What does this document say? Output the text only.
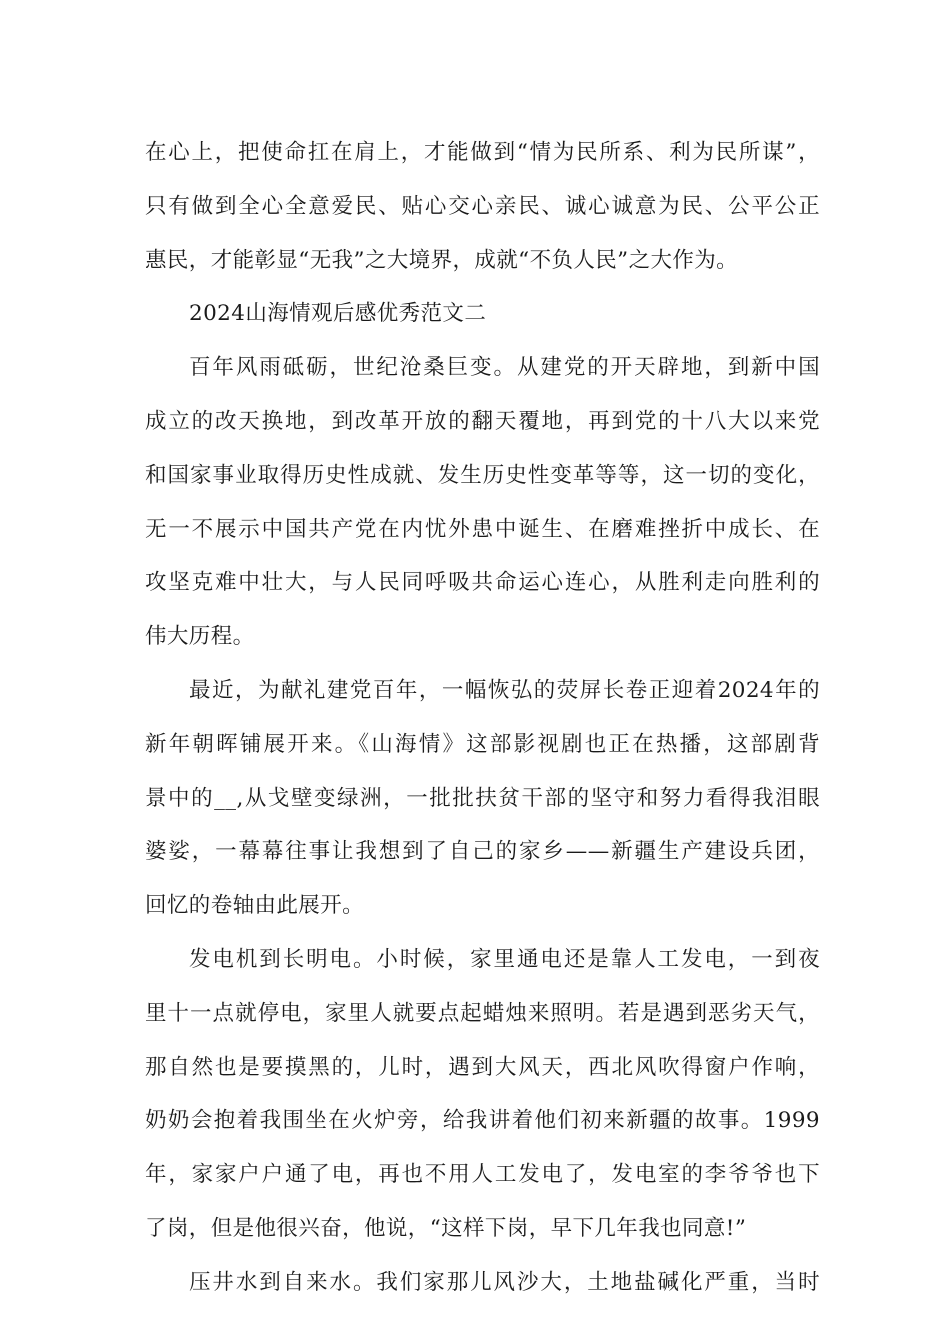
在心上，把使命扛在肩上，才能做到“情为民所系、利为民所谋”，
只有做到全心全意爱民、贴心交心亲民、诚心诚意为民、公平公正
惠民，才能彰显“无我”之大境界，成就“不负人民”之大作为。
2024山海情观后感优秀范文二
百年风雨砥砺，世纪沧桑巨变。从建党的开天辟地，到新中国
成立的改天换地，到改革开放的翻天覆地，再到党的十八大以来党
和国家事业取得历史性成就、发生历史性变革等等，这一切的变化，
无一不展示中国共产党在内忧外患中诞生、在磨难挫折中成长、在
攻坚克难中壮大，与人民同呼吸共命运心连心，从胜利走向胜利的
伟大历程。
最近，为献礼建党百年，一幅恢弘的荧屏长卷正迎着2024年的
新年朝晖铺展开来。《山海情》这部影视剧也正在热播，这部剧背
景中的__,从戈壁变绿洲，一批批扶贫干部的坚守和努力看得我泪眼
婆娑，一幕幕往事让我想到了自己的家乡——新疆生产建设兵团，
回忆的卷轴由此展开。
发电机到长明电。小时候，家里通电还是靠人工发电，一到夜
里十一点就停电，家里人就要点起蜡烛来照明。若是遇到恶劣天气，
那自然也是要摸黑的，儿时，遇到大风天，西北风吹得窗户作响，
奶奶会抱着我围坐在火炉旁，给我讲着他们初来新疆的故事。1999
年，家家户户通了电，再也不用人工发电了，发电室的李爷爷也下
了岗，但是他很兴奋，他说，“这样下岗，早下几年我也同意!”
压井水到自来水。我们家那儿风沙大，土地盐碱化严重，当时
